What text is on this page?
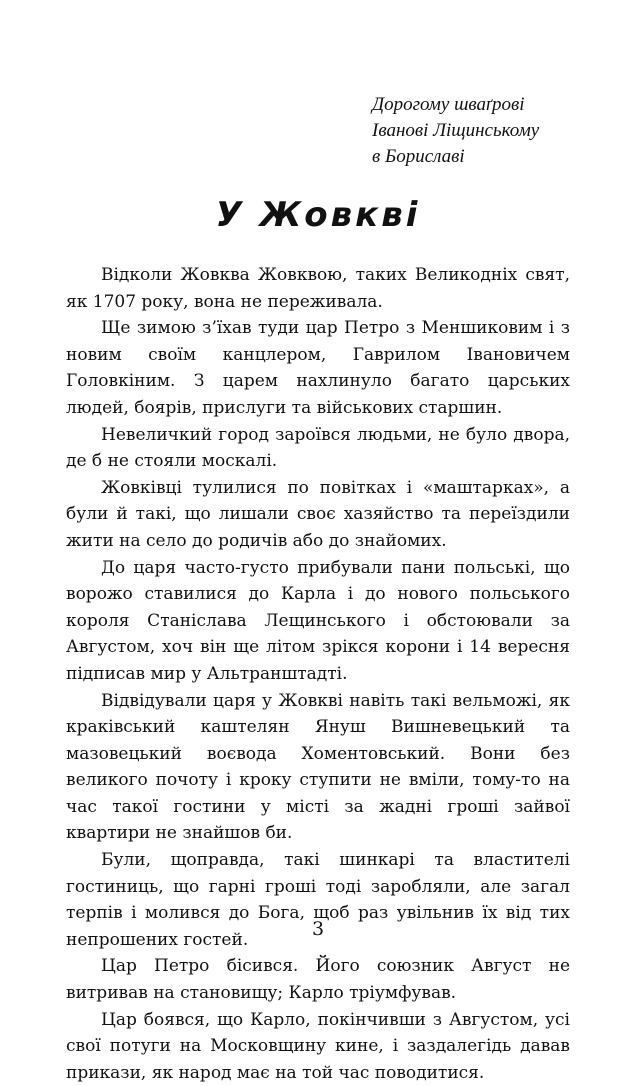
Дорогому шваґрові
Іванові Ліщинському
в Бориславі
У Жовкві

Відколи Жовква Жовквою, таких Великодніх свят, як 1707 року, вона не переживала.

Ще зимою з’їхав туди цар Петро з Меншиковим і з новим своїм канцлером, Гаврилом Івановичем Головкіним. З царем нахлинуло багато царських людей, боярів, прислуги та військових старшин.

Невеличкий город зароївся людьми, не було двора, де б не стояли москалі.

Жовківці тулилися по повітках і «маштарках», а були й такі, що лишали своє хазяйство та переїздили жити на село до родичів або до знайомих.

До царя часто-густо прибували пани польські, що ворожо ставилися до Карла і до нового польського короля Станіслава Лещинського і обстоювали за Августом, хоч він ще літом зрікся корони і 14 вересня підписав мир у Альтранштадті.

Відвідували царя у Жовкві навіть такі вельможі, як краківський каштелян Януш Вишневецький та мазовецький воєвода Хоментовський. Вони без великого почоту і кроку ступити не вміли, тому-то на час такої гостини у місті за жадні гроші зайвої квартири не знайшов би.

Були, щоправда, такі шинкарі та властителі гостиниць, що гарні гроші тоді заробляли, але загал терпів і молився до Бога, щоб раз увільнив їх від тих непрошених гостей.

Цар Петро бісився. Його союзник Август не витривав на становищу; Карло тріумфував.

Цар боявся, що Карло, покінчивши з Августом, усі свої потуги на Московщину кине, і заздалегідь давав прикази, як народ має на той час поводитися.

3
